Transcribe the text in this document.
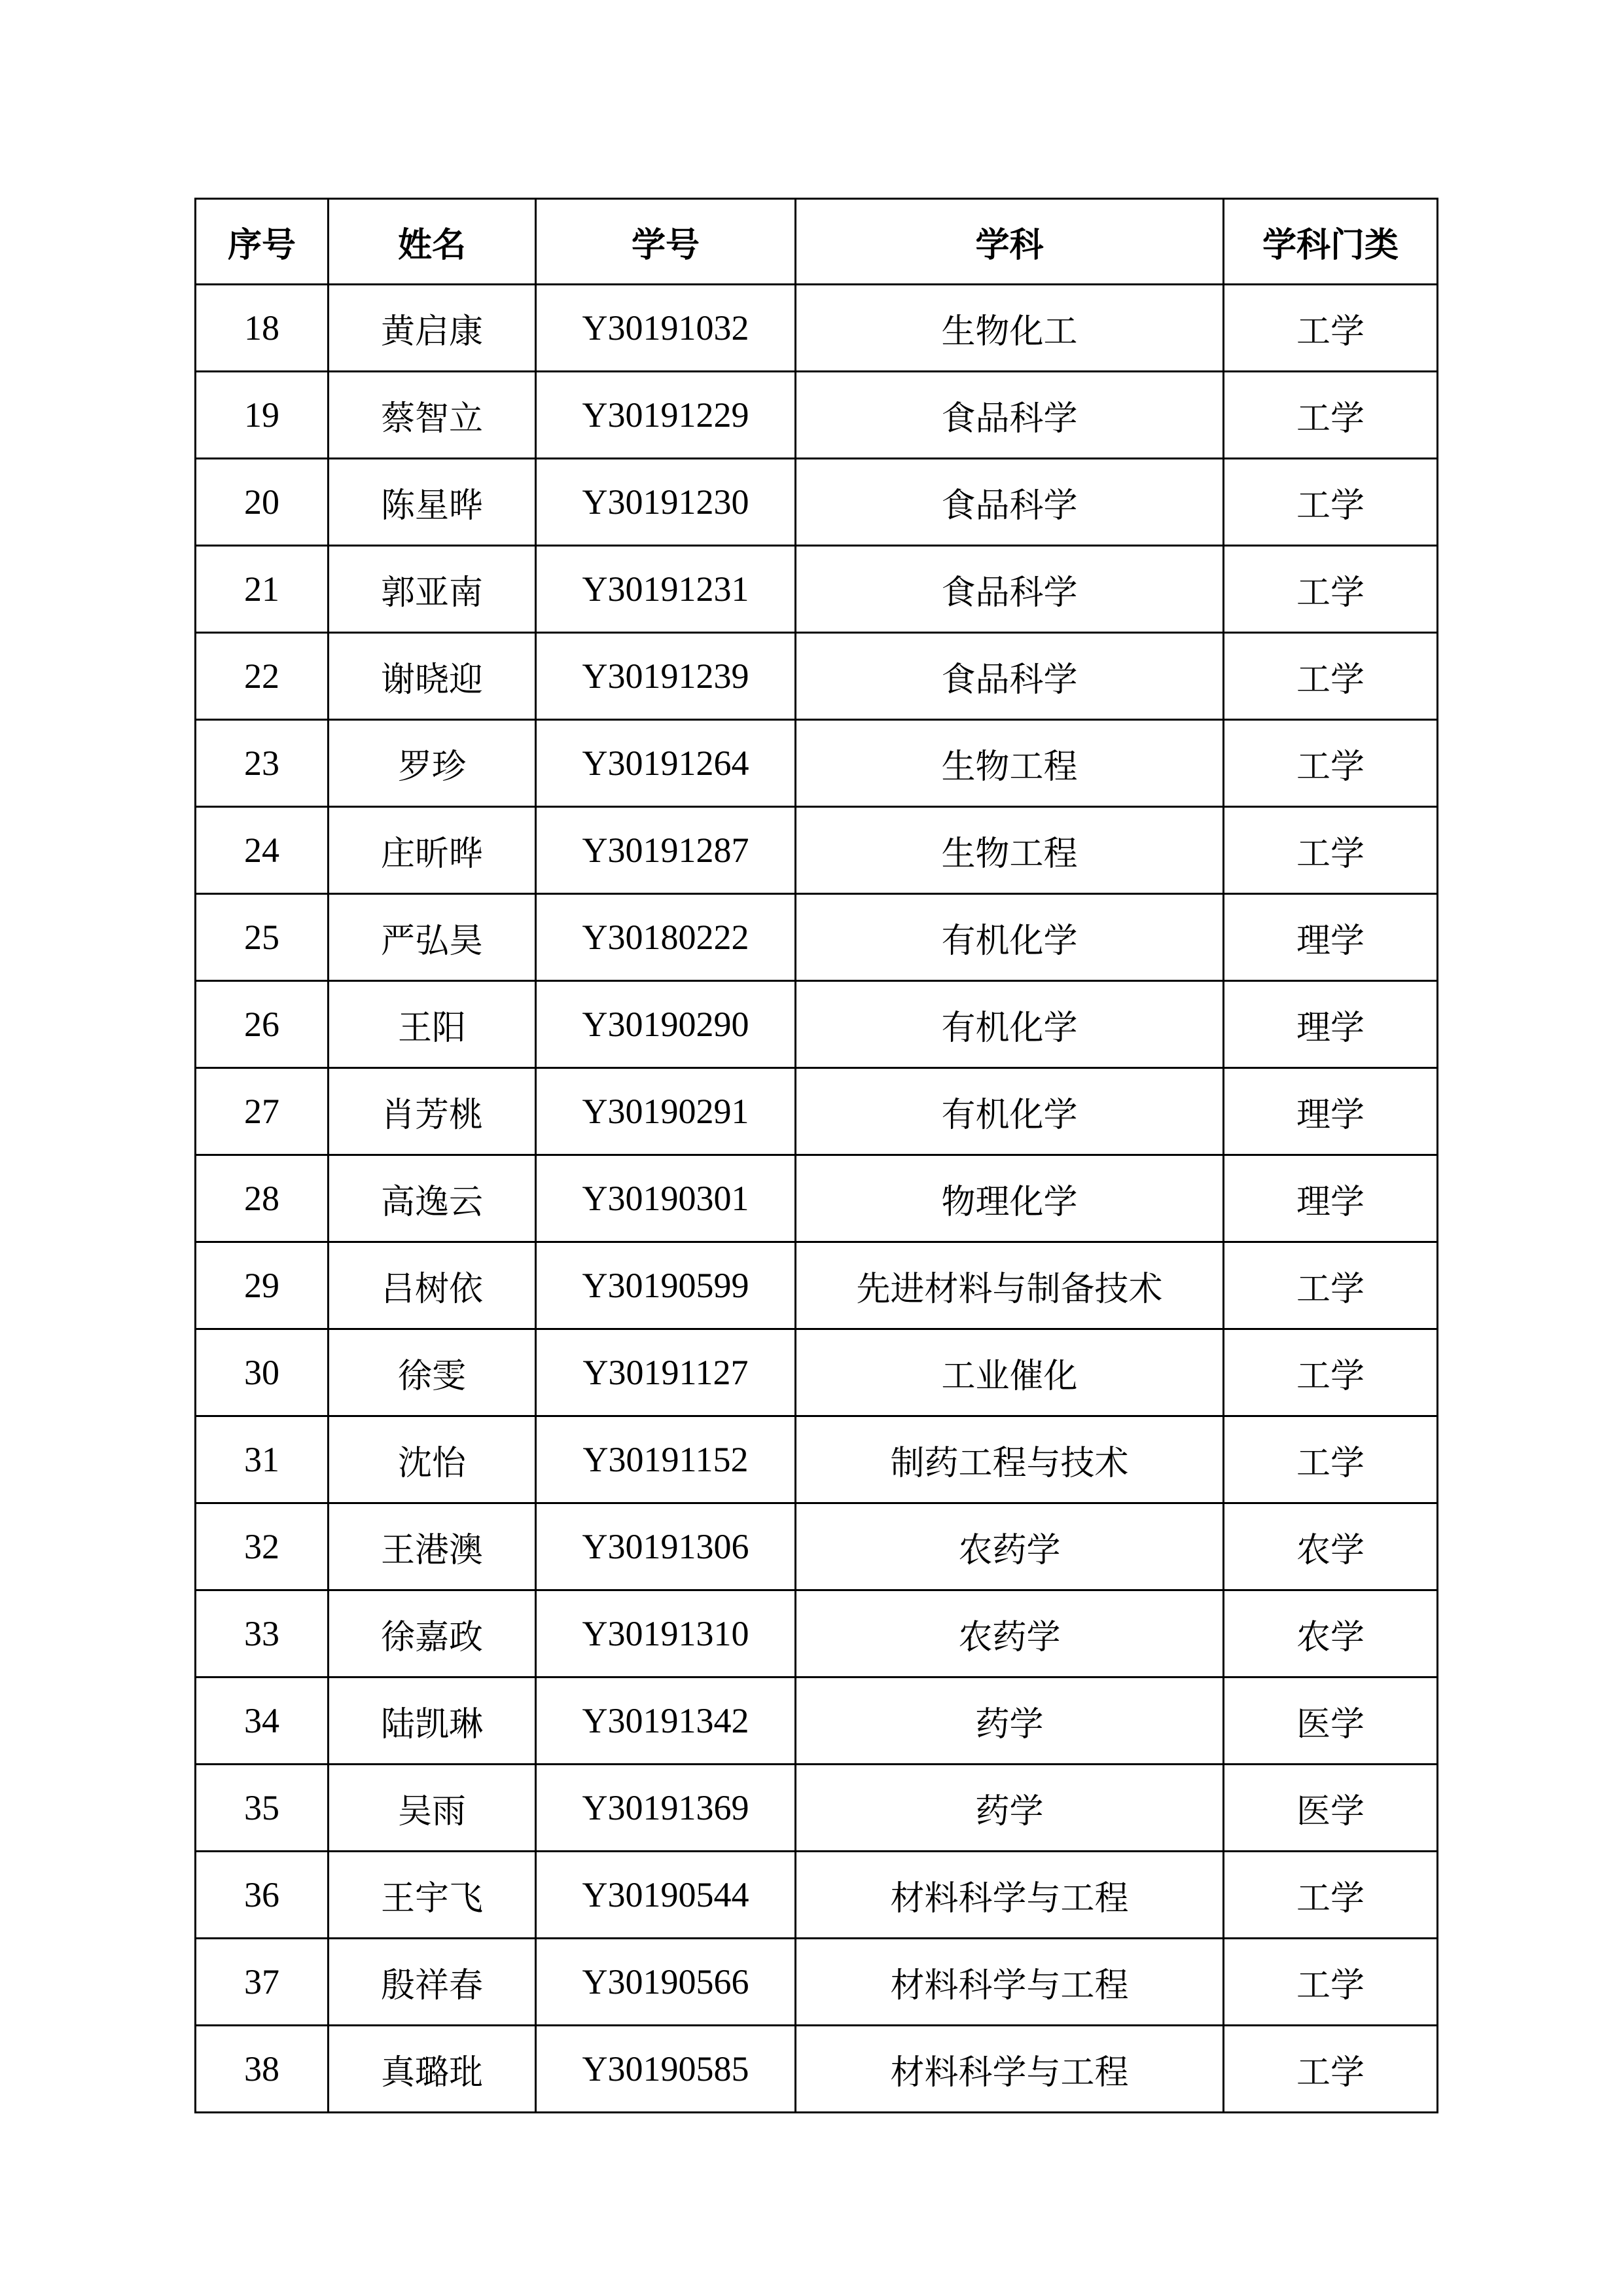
序号	姓名	学号	学科	学科门类
18	黄启康	Y30191032	生物化工	工学
19	蔡智立	Y30191229	食品科学	工学
20	陈星晔	Y30191230	食品科学	工学
21	郭亚南	Y30191231	食品科学	工学
22	谢晓迎	Y30191239	食品科学	工学
23	罗珍	Y30191264	生物工程	工学
24	庄昕晔	Y30191287	生物工程	工学
25	严弘昊	Y30180222	有机化学	理学
26	王阳	Y30190290	有机化学	理学
27	肖芳桃	Y30190291	有机化学	理学
28	高逸云	Y30190301	物理化学	理学
29	吕树依	Y30190599	先进材料与制备技术	工学
30	徐雯	Y30191127	工业催化	工学
31	沈怡	Y30191152	制药工程与技术	工学
32	王港澳	Y30191306	农药学	农学
33	徐嘉政	Y30191310	农药学	农学
34	陆凯琳	Y30191342	药学	医学
35	吴雨	Y30191369	药学	医学
36	王宇飞	Y30190544	材料科学与工程	工学
37	殷祥春	Y30190566	材料科学与工程	工学
38	真璐玭	Y30190585	材料科学与工程	工学
